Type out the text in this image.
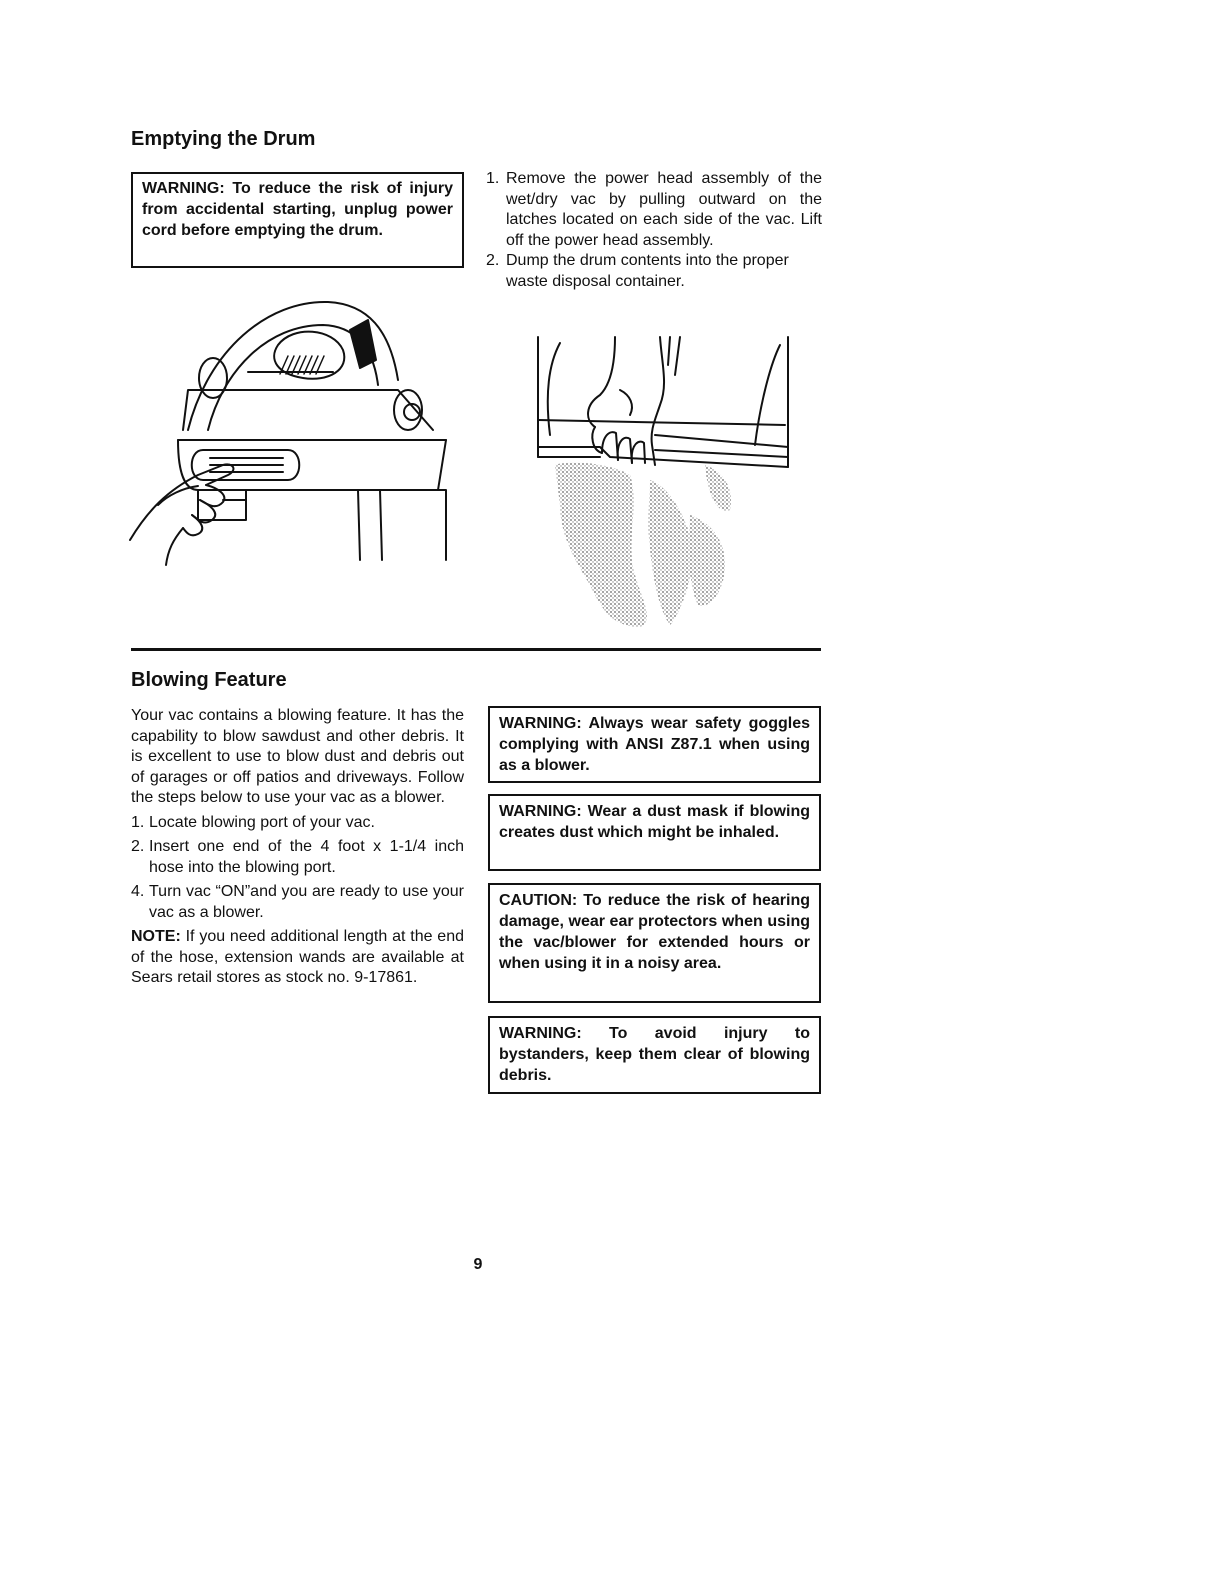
Emptying the Drum
WARNING: To reduce the risk of injury from accidental starting, unplug power cord before emptying the drum.
1. Remove the power head assembly of the wet/dry vac by pulling outward on the latches located on each side of the vac. Lift off the power head assembly.
2. Dump the drum contents into the proper waste disposal container.
Blowing Feature
Your vac contains a blowing feature. It has the capability to blow sawdust and other debris. It is excellent to use to blow dust and debris out of garages or off patios and driveways. Follow the steps below to use your vac as a blower.
1. Locate blowing port of your vac.
2. Insert one end of the 4 foot x 1-1/4 inch hose into the blowing port.
4. Turn vac “ON”and you are ready to use your vac as a blower.
NOTE: If you need additional length at the end of the hose, extension wands are available at Sears retail stores as stock no. 9-17861.
WARNING: Always wear safety goggles complying with ANSI Z87.1 when using as a blower.
WARNING: Wear a dust mask if blowing creates dust which might be inhaled.
CAUTION: To reduce the risk of hearing damage, wear ear protectors when using the vac/blower for extended hours or when using it in a noisy area.
WARNING: To avoid injury to bystanders, keep them clear of blowing debris.
9
